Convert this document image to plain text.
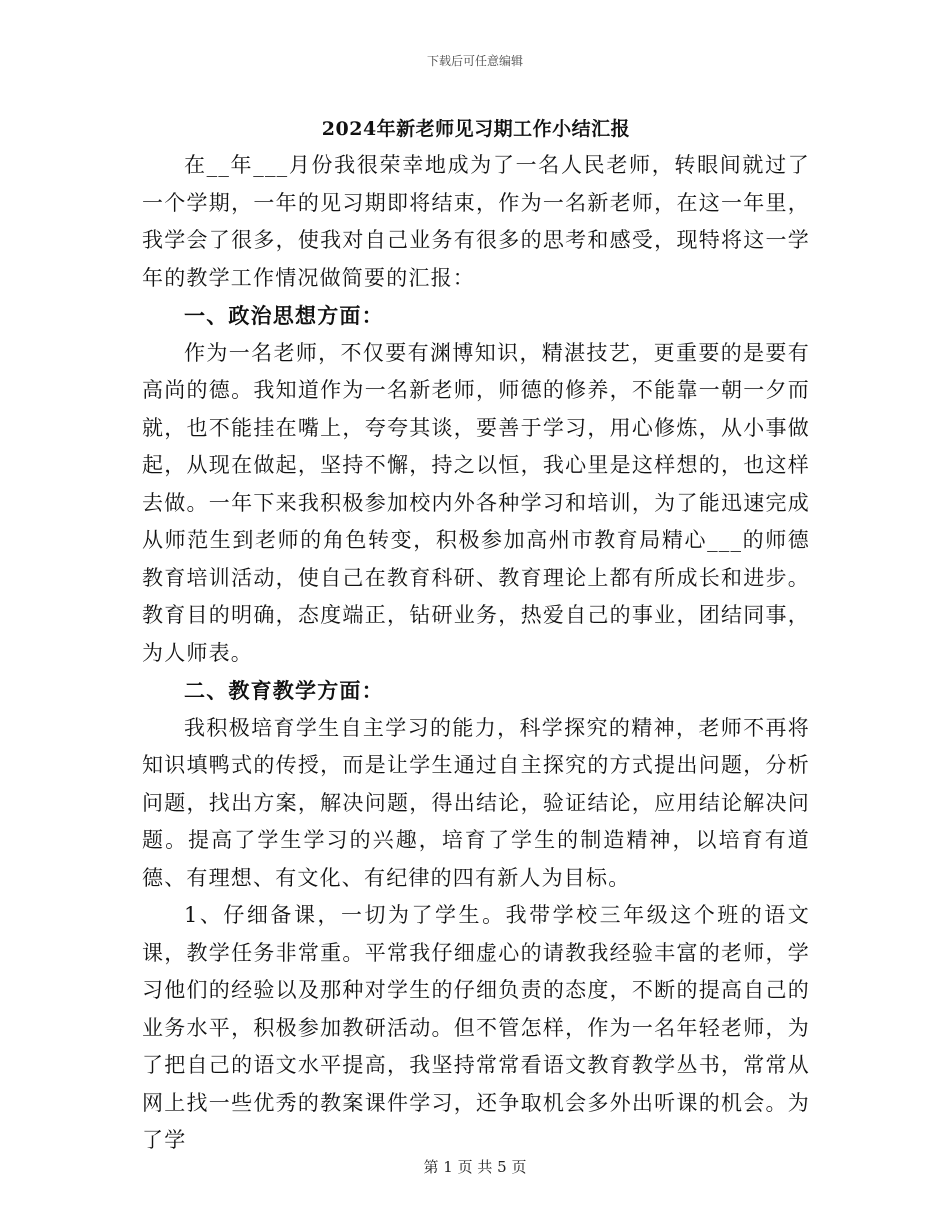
下载后可任意编辑
2024年新老师见习期工作小结汇报

在__年___月份我很荣幸地成为了一名人民老师，转眼间就过了一个学期，一年的见习期即将结束，作为一名新老师，在这一年里，我学会了很多，使我对自己业务有很多的思考和感受，现特将这一学年的教学工作情况做简要的汇报：

一、政治思想方面：

作为一名老师，不仅要有渊博知识，精湛技艺，更重要的是要有高尚的德。我知道作为一名新老师，师德的修养，不能靠一朝一夕而就，也不能挂在嘴上，夸夸其谈，要善于学习，用心修炼，从小事做起，从现在做起，坚持不懈，持之以恒，我心里是这样想的，也这样去做。一年下来我积极参加校内外各种学习和培训，为了能迅速完成从师范生到老师的角色转变，积极参加高州市教育局精心___的师德教育培训活动，使自己在教育科研、教育理论上都有所成长和进步。教育目的明确，态度端正，钻研业务，热爱自己的事业，团结同事，为人师表。

二、教育教学方面：

我积极培育学生自主学习的能力，科学探究的精神，老师不再将知识填鸭式的传授，而是让学生通过自主探究的方式提出问题，分析问题，找出方案，解决问题，得出结论，验证结论，应用结论解决问题。提高了学生学习的兴趣，培育了学生的制造精神，以培育有道德、有理想、有文化、有纪律的四有新人为目标。

1、仔细备课，一切为了学生。我带学校三年级这个班的语文课，教学任务非常重。平常我仔细虚心的请教我经验丰富的老师，学习他们的经验以及那种对学生的仔细负责的态度，不断的提高自己的业务水平，积极参加教研活动。但不管怎样，作为一名年轻老师，为了把自己的语文水平提高，我坚持常常看语文教育教学丛书，常常从网上找一些优秀的教案课件学习，还争取机会多外出听课的机会。为了学

第 1 页 共 5 页
